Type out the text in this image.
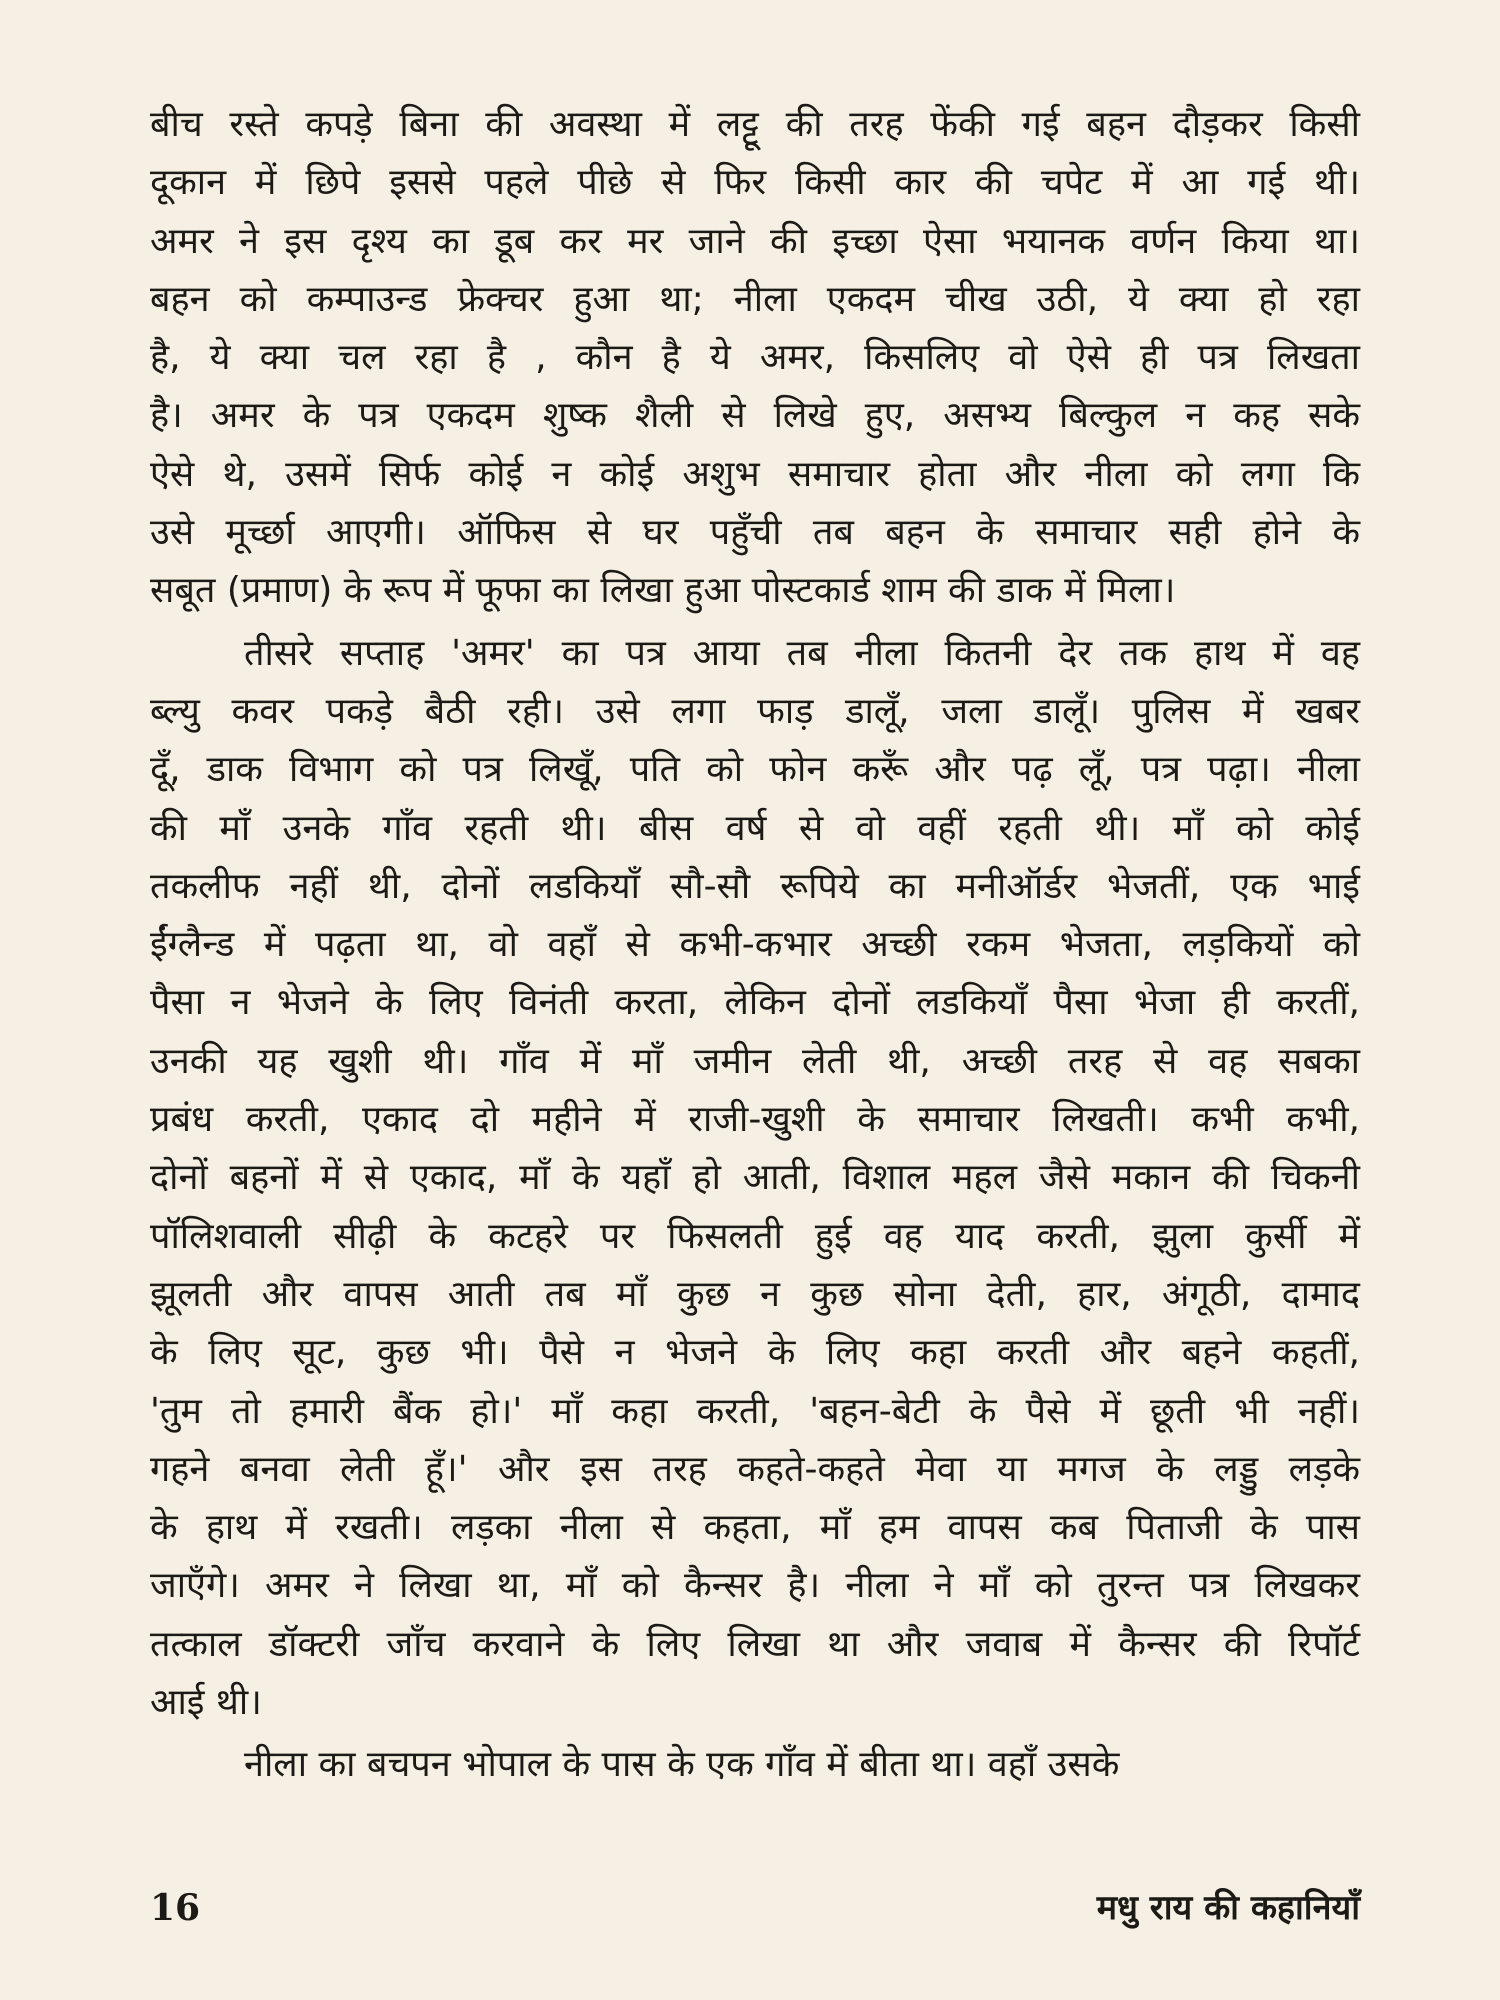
बीच रस्ते कपड़े बिना की अवस्था में लट्टू की तरह फेंकी गई बहन दौड़कर किसी

दूकान में छिपे इससे पहले पीछे से फिर किसी कार की चपेट में आ गई थी।

अमर ने इस दृश्य का डूब कर मर जाने की इच्छा ऐसा भयानक वर्णन किया था।

बहन को कम्पाउन्ड फ्रेक्चर हुआ था; नीला एकदम चीख उठी, ये क्या हो रहा

है, ये क्या चल रहा है , कौन है ये अमर, किसलिए वो ऐसे ही पत्र लिखता

है। अमर के पत्र एकदम शुष्क शैली से लिखे हुए, असभ्य बिल्कुल न कह सके

ऐसे थे, उसमें सिर्फ कोई न कोई अशुभ समाचार होता और नीला को लगा कि

उसे मूर्च्छा आएगी। ऑफिस से घर पहुँची तब बहन के समाचार सही होने के

सबूत (प्रमाण) के रूप में फूफा का लिखा हुआ पोस्टकार्ड शाम की डाक में मिला।

तीसरे सप्ताह 'अमर' का पत्र आया तब नीला कितनी देर तक हाथ में वह

ब्ल्यु कवर पकड़े बैठी रही। उसे लगा फाड़ डालूँ, जला डालूँ। पुलिस में खबर

दूँ, डाक विभाग को पत्र लिखूँ, पति को फोन करूँ और पढ़ लूँ, पत्र पढ़ा। नीला

की माँ उनके गाँव रहती थी। बीस वर्ष से वो वहीं रहती थी। माँ को कोई

तकलीफ नहीं थी, दोनों लडकियाँ सौ-सौ रूपिये का मनीऑर्डर भेजतीं, एक भाई

ईंग्लैन्ड में पढ़ता था, वो वहाँ से कभी-कभार अच्छी रकम भेजता, लड़कियों को

पैसा न भेजने के लिए विनंती करता, लेकिन दोनों लडकियाँ पैसा भेजा ही करतीं,

उनकी यह खुशी थी। गाँव में माँ जमीन लेती थी, अच्छी तरह से वह सबका

प्रबंध करती, एकाद दो महीने में राजी-खुशी के समाचार लिखती। कभी कभी,

दोनों बहनों में से एकाद, माँ के यहाँ हो आती, विशाल महल जैसे मकान की चिकनी

पॉलिशवाली सीढ़ी के कटहरे पर फिसलती हुई वह याद करती, झुला कुर्सी में

झूलती और वापस आती तब माँ कुछ न कुछ सोना देती, हार, अंगूठी, दामाद

के लिए सूट, कुछ भी। पैसे न भेजने के लिए कहा करती और बहने कहतीं,

'तुम तो हमारी बैंक हो।' माँ कहा करती, 'बहन-बेटी के पैसे में छूती भी नहीं।

गहने बनवा लेती हूँ।' और इस तरह कहते-कहते मेवा या मगज के लड्डु लड़के

के हाथ में रखती। लड़का नीला से कहता, माँ हम वापस कब पिताजी के पास

जाएँगे। अमर ने लिखा था, माँ को कैन्सर है। नीला ने माँ को तुरन्त पत्र लिखकर

तत्काल डॉक्टरी जाँच करवाने के लिए लिखा था और जवाब में कैन्सर की रिपॉर्ट

आई थी।

नीला का बचपन भोपाल के पास के एक गाँव में बीता था। वहाँ उसके

16	मधु राय की कहानियाँ
